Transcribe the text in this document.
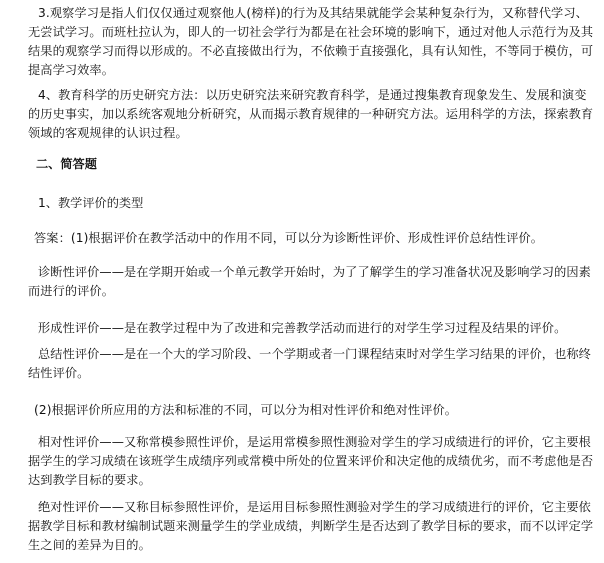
3.观察学习是指人们仅仅通过观察他人(榜样)的行为及其结果就能学会某种复杂行为，又称替代学习、无尝试学习。而班杜拉认为，即人的一切社会学行为都是在社会环境的影响下，通过对他人示范行为及其结果的观察学习而得以形成的。不必直接做出行为，不依赖于直接强化，具有认知性，不等同于模仿，可提高学习效率。

4、教育科学的历史研究方法：以历史研究法来研究教育科学，是通过搜集教育现象发生、发展和演变的历史事实，加以系统客观地分析研究，从而揭示教育规律的一种研究方法。运用科学的方法，探索教育领域的客观规律的认识过程。

二、简答题

1、教学评价的类型

答案：(1)根据评价在教学活动中的作用不同，可以分为诊断性评价、形成性评价总结性评价。

诊断性评价——是在学期开始或一个单元教学开始时，为了了解学生的学习准备状况及影响学习的因素而进行的评价。

形成性评价——是在教学过程中为了改进和完善教学活动而进行的对学生学习过程及结果的评价。

总结性评价——是在一个大的学习阶段、一个学期或者一门课程结束时对学生学习结果的评价，也称终结性评价。

(2)根据评价所应用的方法和标准的不同，可以分为相对性评价和绝对性评价。

相对性评价——又称常模参照性评价，是运用常模参照性测验对学生的学习成绩进行的评价，它主要根据学生的学习成绩在该班学生成绩序列或常模中所处的位置来评价和决定他的成绩优劣，而不考虑他是否达到教学目标的要求。

绝对性评价——又称目标参照性评价，是运用目标参照性测验对学生的学习成绩进行的评价，它主要依据教学目标和教材编制试题来测量学生的学业成绩，判断学生是否达到了教学目标的要求，而不以评定学生之间的差异为目的。
